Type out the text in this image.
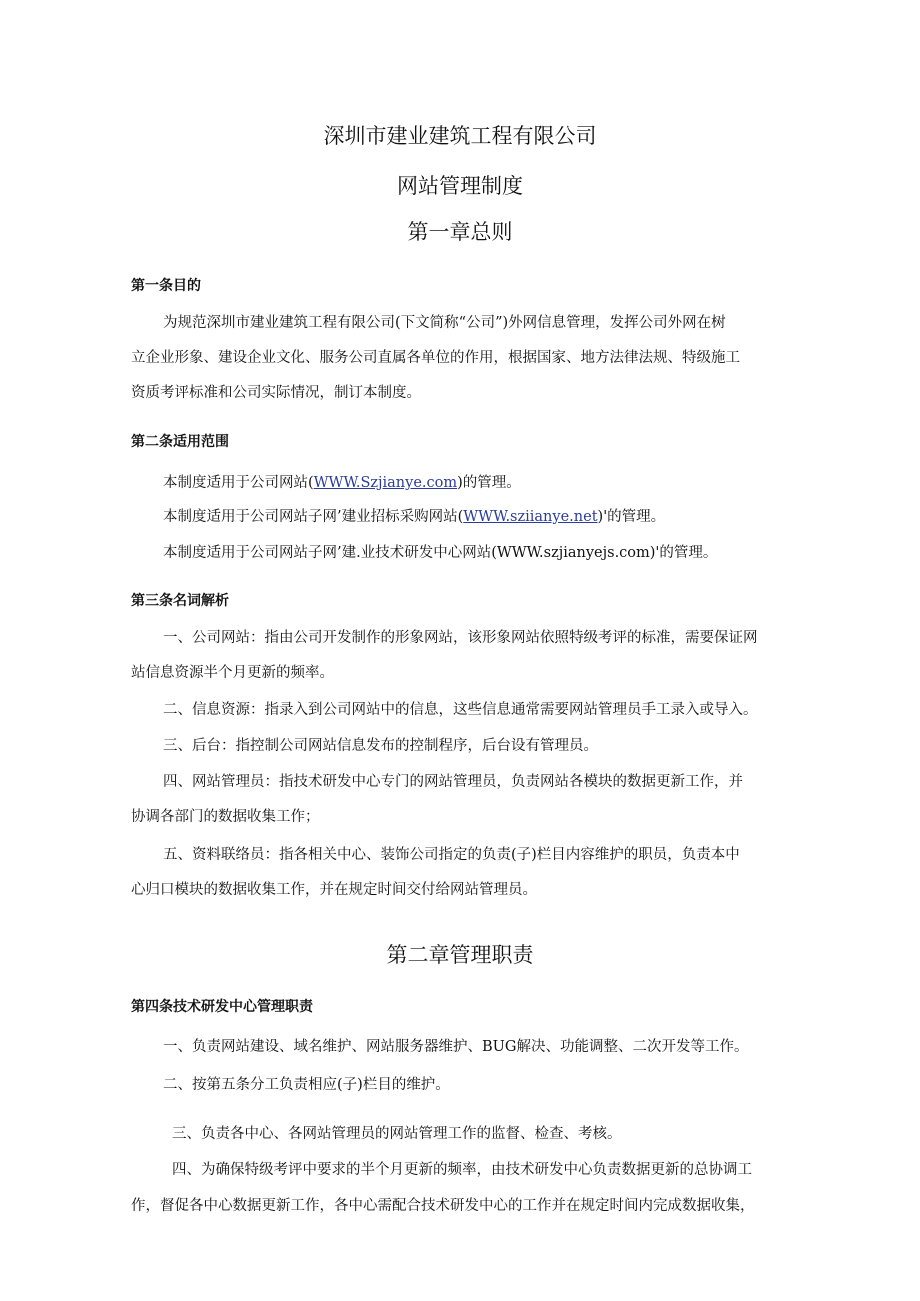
深圳市建业建筑工程有限公司
网站管理制度
第一章总则
第一条目的
为规范深圳市建业建筑工程有限公司(下文简称“公司”)外网信息管理，发挥公司外网在树
立企业形象、建设企业文化、服务公司直属各单位的作用，根据国家、地方法律法规、特级施工
资质考评标准和公司实际情况，制订本制度。
第二条适用范围
本制度适用于公司网站(WWW.Szjianye.com)的管理。
本制度适用于公司网站子网’建业招标采购网站(WWW.sziianye.net)'的管理。
本制度适用于公司网站子网’建.业技术研发中心网站(WWW.szjianyejs.com)'的管理。
第三条名词解析
一、公司网站：指由公司开发制作的形象网站，该形象网站依照特级考评的标准，需要保证网
站信息资源半个月更新的频率。
二、信息资源：指录入到公司网站中的信息，这些信息通常需要网站管理员手工录入或导入。
三、后台：指控制公司网站信息发布的控制程序，后台设有管理员。
四、网站管理员：指技术研发中心专门的网站管理员，负责网站各模块的数据更新工作，并
协调各部门的数据收集工作；
五、资料联络员：指各相关中心、装饰公司指定的负责(子)栏目内容维护的职员，负责本中
心归口模块的数据收集工作，并在规定时间交付给网站管理员。
第二章管理职责
第四条技术研发中心管理职责
一、负责网站建设、域名维护、网站服务器维护、BUG解决、功能调整、二次开发等工作。
二、按第五条分工负责相应(子)栏目的维护。
三、负责各中心、各网站管理员的网站管理工作的监督、检查、考核。
四、为确保特级考评中要求的半个月更新的频率，由技术研发中心负责数据更新的总协调工
作，督促各中心数据更新工作，各中心需配合技术研发中心的工作并在规定时间内完成数据收集，
